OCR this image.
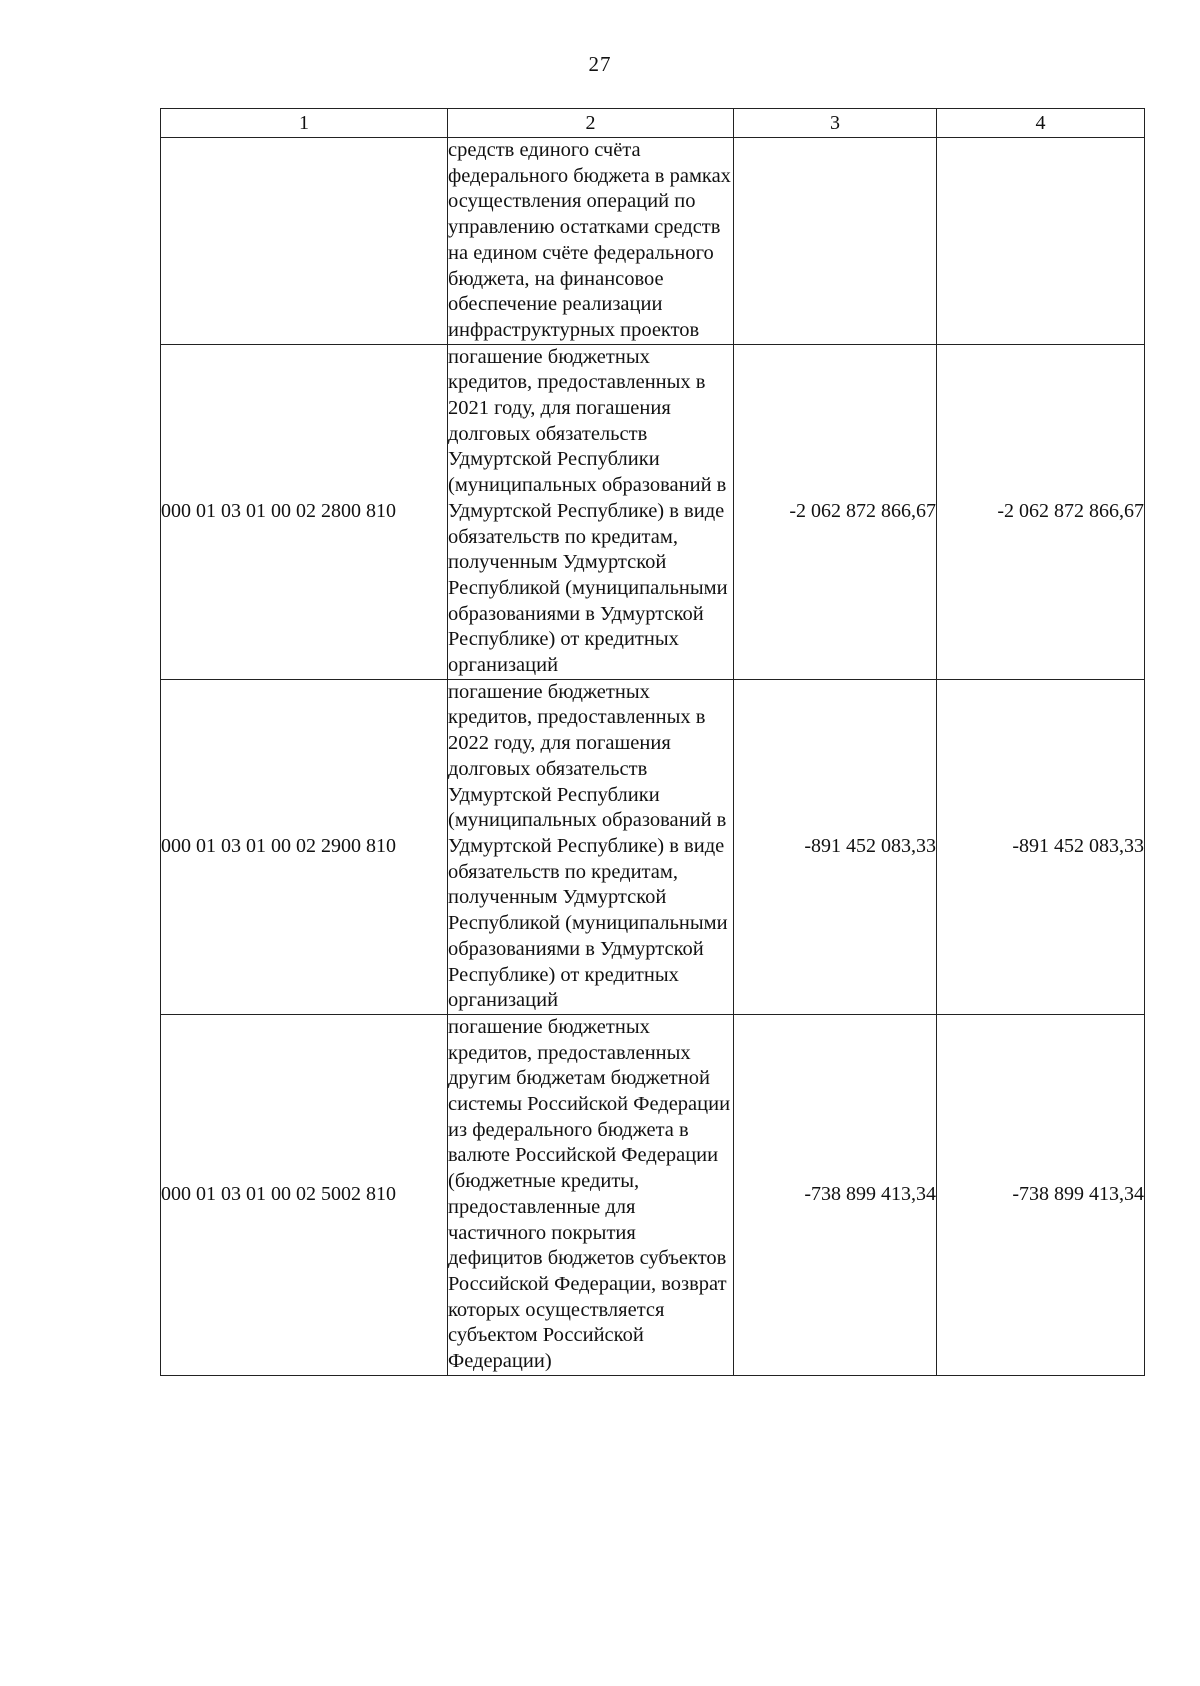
27
1	2	3	4
	средств единого счёта федерального бюджета в рамках осуществления операций по управлению остатками средств на едином счёте федерального бюджета, на финансовое обеспечение реализации инфраструктурных проектов		
000 01 03 01 00 02 2800 810	погашение бюджетных кредитов, предоставленных в 2021 году, для погашения долговых обязательств Удмуртской Республики (муниципальных образований в Удмуртской Республике) в виде обязательств по кредитам, полученным Удмуртской Республикой (муниципальными образованиями в Удмуртской Республике) от кредитных организаций	-2 062 872 866,67	-2 062 872 866,67
000 01 03 01 00 02 2900 810	погашение бюджетных кредитов, предоставленных в 2022 году, для погашения долговых обязательств Удмуртской Республики (муниципальных образований в Удмуртской Республике) в виде обязательств по кредитам, полученным Удмуртской Республикой (муниципальными образованиями в Удмуртской Республике) от кредитных организаций	-891 452 083,33	-891 452 083,33
000 01 03 01 00 02 5002 810	погашение бюджетных кредитов, предоставленных другим бюджетам бюджетной системы Российской Федерации из федерального бюджета в валюте Российской Федерации (бюджетные кредиты, предоставленные для частичного покрытия дефицитов бюджетов субъектов Российской Федерации, возврат которых осуществляется субъектом Российской Федерации)	-738 899 413,34	-738 899 413,34
